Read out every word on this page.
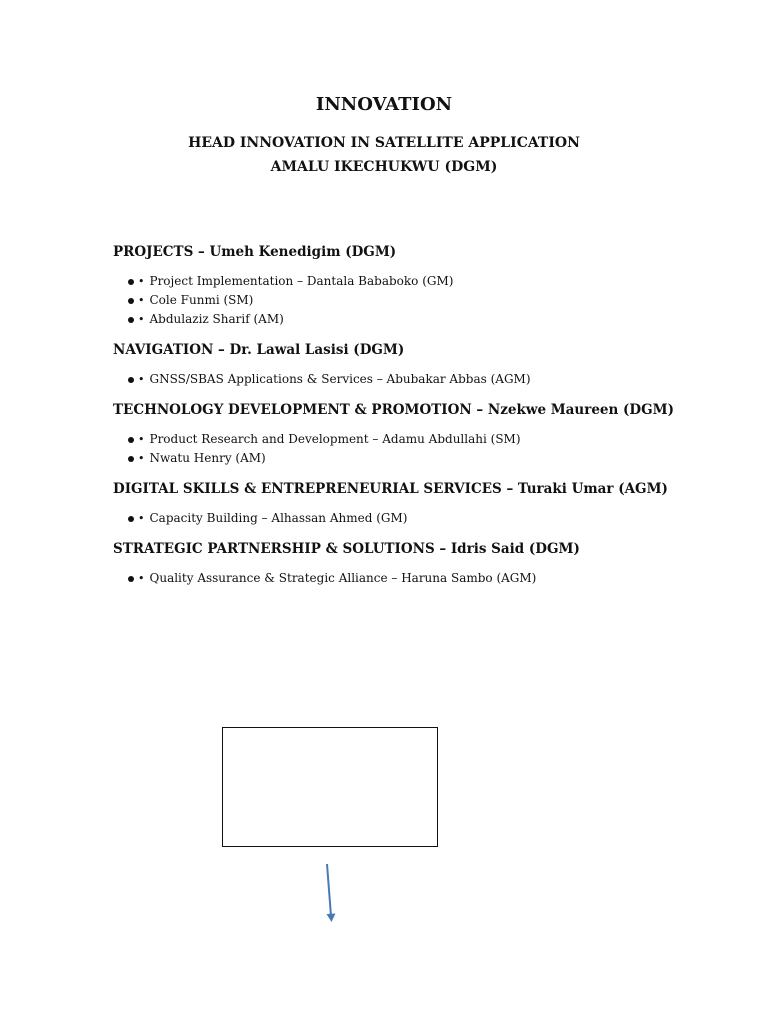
INNOVATION

HEAD INNOVATION IN SATELLITE APPLICATION

AMALU IKECHUKWU (DGM)

PROJECTS – Umeh Kenedigim (DGM)

• Project Implementation – Dantala Bababoko (GM)
• Cole Funmi (SM)
• Abdulaziz Sharif (AM)

NAVIGATION – Dr. Lawal Lasisi (DGM)

• GNSS/SBAS Applications & Services – Abubakar Abbas (AGM)

TECHNOLOGY DEVELOPMENT & PROMOTION – Nzekwe Maureen (DGM)

• Product Research and Development – Adamu Abdullahi (SM)
• Nwatu Henry (AM)

DIGITAL SKILLS & ENTREPRENEURIAL SERVICES – Turaki Umar (AGM)

• Capacity Building – Alhassan Ahmed (GM)

STRATEGIC PARTNERSHIP & SOLUTIONS – Idris Said (DGM)

• Quality Assurance & Strategic Alliance – Haruna Sambo (AGM)
